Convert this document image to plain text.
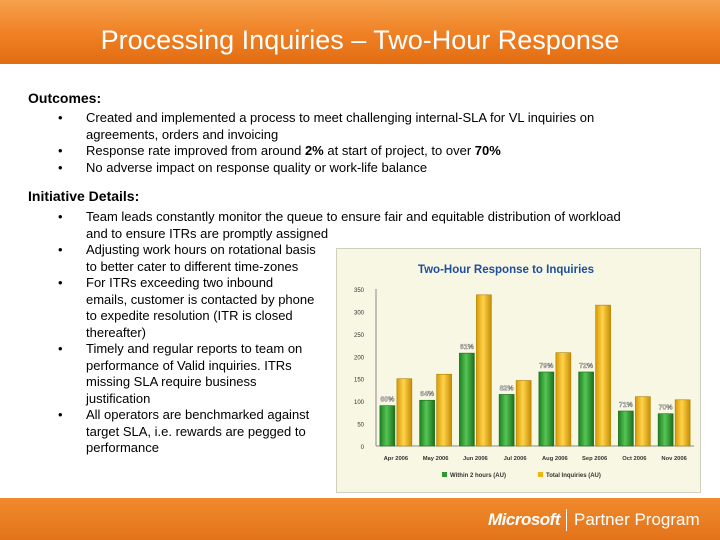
Processing Inquiries – Two-Hour Response
Outcomes:
• Created and implemented a process to meet challenging internal-SLA for VL inquiries on
agreements, orders and invoicing
• Response rate improved from around 2% at start of project, to over 70%
• No adverse impact on response quality or work-life balance
Initiative Details:
• Team leads constantly monitor the queue to ensure fair and equitable distribution of workload
and to ensure ITRs are promptly assigned
• Adjusting work hours on rotational basis
to better cater to different time-zones
• For ITRs exceeding two inbound
emails, customer is contacted by phone
to expedite resolution (ITR is closed
thereafter)
• Timely and regular reports to team on
performance of Valid inquiries. ITRs
missing SLA require business
justification
• All operators are benchmarked against
target SLA, i.e. rewards are pegged to
performance
Two-Hour Response to Inquiries
0
50
100
150
200
250
300
350
60%
Apr 2006
64%
May 2006
61%
Jun 2006
82%
Jul 2006
79%
Aug 2006
72%
Sep 2006
71%
Oct 2006
70%
Nov 2006
Within 2 hours (AU)	Total Inquiries (AU)
Microsoft Partner Program
